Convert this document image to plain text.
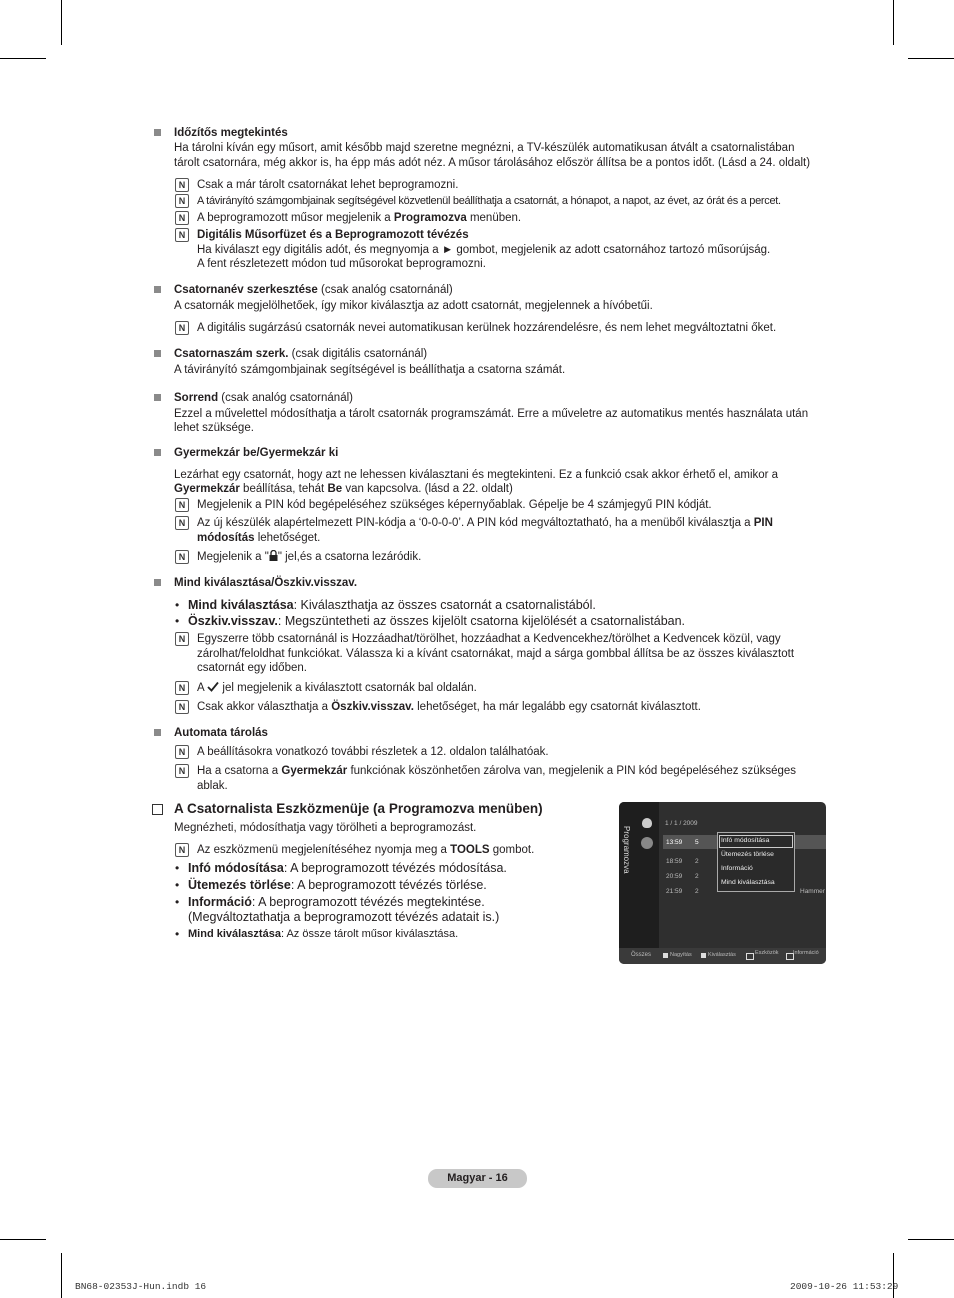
Időzítős megtekintés
Ha tárolni kíván egy műsort, amit később majd szeretne megnézni, a TV-készülék automatikusan átvált a csatornalistában
tárolt csatornára, még akkor is, ha épp más adót néz. A műsor tárolásához először állítsa be a pontos időt. (Lásd a 24. oldalt)
N	Csak a már tárolt csatornákat lehet beprogramozni.
N	A távirányító számgombjainak segítségével közvetlenül beállíthatja a csatornát, a hónapot, a napot, az évet, az órát és a percet.
N	A beprogramozott műsor megjelenik a Programozva menüben.
N	Digitális Műsorfüzet és a Beprogramozott tévézés
Ha kiválaszt egy digitális adót, és megnyomja a ► gombot, megjelenik az adott csatornához tartozó műsorújság.
A fent részletezett módon tud műsorokat beprogramozni.
Csatornanév szerkesztése (csak analóg csatornánál)
A csatornák megjelölhetőek, így mikor kiválasztja az adott csatornát, megjelennek a hívóbetűi.
N	A digitális sugárzású csatornák nevei automatikusan kerülnek hozzárendelésre, és nem lehet megváltoztatni őket.
Csatornaszám szerk. (csak digitális csatornánál)
A távirányító számgombjainak segítségével is beállíthatja a csatorna számát.
Sorrend (csak analóg csatornánál)
Ezzel a művelettel módosíthatja a tárolt csatornák programszámát. Erre a műveletre az automatikus mentés használata után
lehet szüksége.
Gyermekzár be/Gyermekzár ki
Lezárhat egy csatornát, hogy azt ne lehessen kiválasztani és megtekinteni. Ez a funkció csak akkor érhető el, amikor a
Gyermekzár beállítása, tehát Be van kapcsolva. (lásd a 22. oldalt)
N	Megjelenik a PIN kód begépeléséhez szükséges képernyőablak. Gépelje be 4 számjegyű PIN kódját.
N	Az új készülék alapértelmezett PIN-kódja a ‘0-0-0-0’. A PIN kód megváltoztatható, ha a menüből kiválasztja a PIN
módosítás lehetőséget.
N	Megjelenik a " " jel,és a csatorna lezáródik.
Mind kiválasztása/Öszkiv.visszav.
• Mind kiválasztása: Kiválaszthatja az összes csatornát a csatornalistából.
• Öszkiv.visszav.: Megszüntetheti az összes kijelölt csatorna kijelölését a csatornalistában.
N	Egyszerre több csatornánál is Hozzáadhat/törölhet, hozzáadhat a Kedvencekhez/törölhet a Kedvencek közül, vagy
zárolhat/feloldhat funkciókat. Válassza ki a kívánt csatornákat, majd a sárga gombbal állítsa be az összes kiválasztott
csatornát egy időben.
N	A  jel megjelenik a kiválasztott csatornák bal oldalán.
N	Csak akkor választhatja a Öszkiv.visszav. lehetőséget, ha már legalább egy csatornát kiválasztott.
Automata tárolás
N	A beállításokra vonatkozó további részletek a 12. oldalon találhatóak.
N	Ha a csatorna a Gyermekzár funkciónak köszönhetően zárolva van, megjelenik a PIN kód begépeléséhez szükséges
ablak.
A Csatornalista Eszközmenüje (a Programozva menüben)
Megnézheti, módosíthatja vagy törölheti a beprogramozást.
N	Az eszközmenü megjelenítéséhez nyomja meg a TOOLS gombot.
• Infó módosítása: A beprogramozott tévézés módosítása.
• Ütemezés törlése: A beprogramozott tévézés törlése.
• Információ: A beprogramozott tévézés megtekintése.
(Megváltoztathatja a beprogramozott tévézés adatait is.)
• Mind kiválasztása: Az össze tárolt műsor kiválasztása.
Programozva
1 / 1 / 2009
13:59 5
18:59 2
20:59 2
21:59 2	Hammer
Infó módosítása
Ütemezés törlése
Információ
Mind kiválasztása
Összes	Nagyítás	Kiválasztás	Eszközök	Információ
Magyar - 16
BN68-02353J-Hun.indb 16	2009-10-26 11:53:29
